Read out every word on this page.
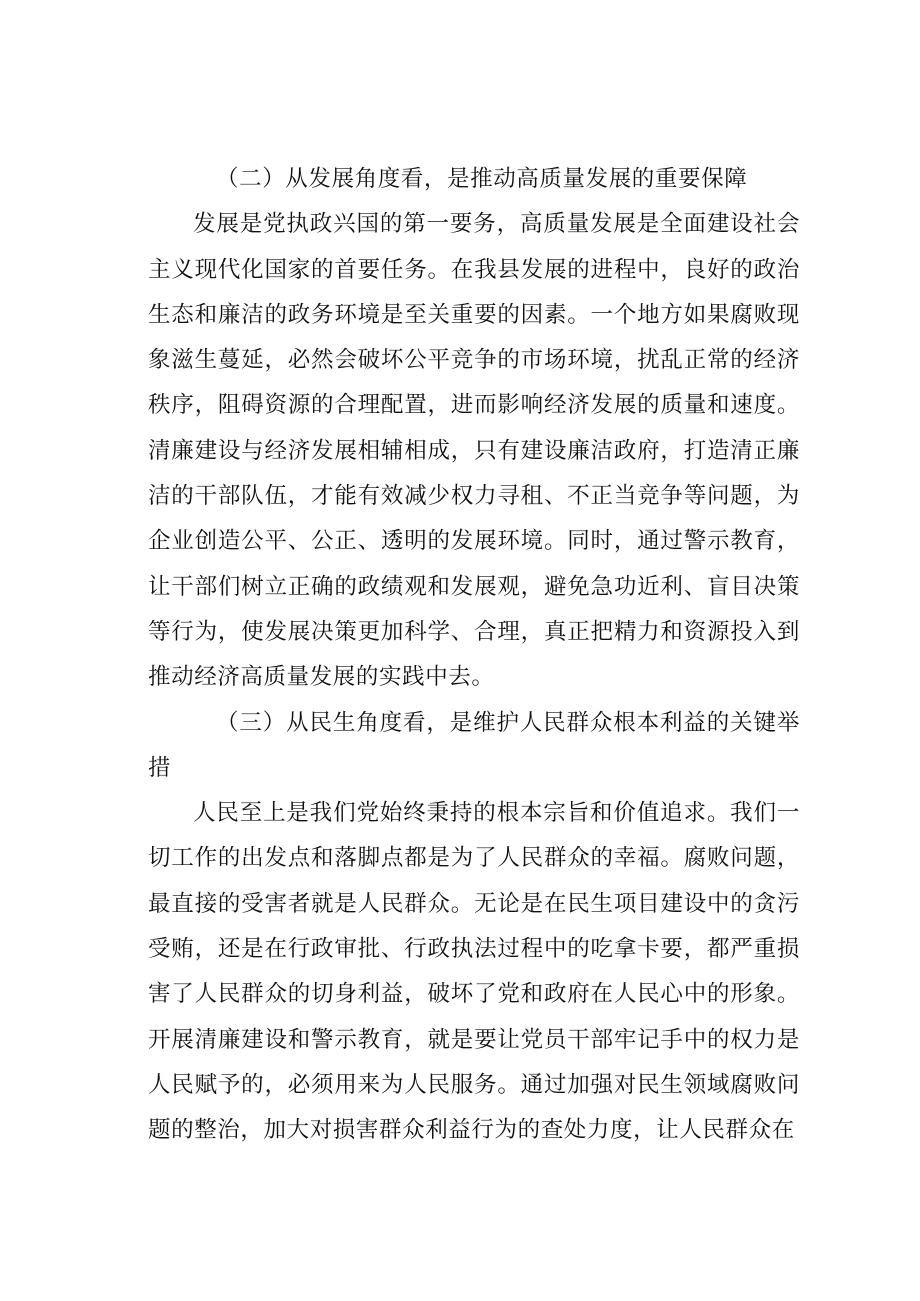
（二）从发展角度看，是推动高质量发展的重要保障

发展是党执政兴国的第一要务，高质量发展是全面建设社会主义现代化国家的首要任务。在我县发展的进程中，良好的政治生态和廉洁的政务环境是至关重要的因素。一个地方如果腐败现象滋生蔓延，必然会破坏公平竞争的市场环境，扰乱正常的经济秩序，阻碍资源的合理配置，进而影响经济发展的质量和速度。清廉建设与经济发展相辅相成，只有建设廉洁政府，打造清正廉洁的干部队伍，才能有效减少权力寻租、不正当竞争等问题，为企业创造公平、公正、透明的发展环境。同时，通过警示教育，让干部们树立正确的政绩观和发展观，避免急功近利、盲目决策等行为，使发展决策更加科学、合理，真正把精力和资源投入到推动经济高质量发展的实践中去。

（三）从民生角度看，是维护人民群众根本利益的关键举措

人民至上是我们党始终秉持的根本宗旨和价值追求。我们一切工作的出发点和落脚点都是为了人民群众的幸福。腐败问题，最直接的受害者就是人民群众。无论是在民生项目建设中的贪污受贿，还是在行政审批、行政执法过程中的吃拿卡要，都严重损害了人民群众的切身利益，破坏了党和政府在人民心中的形象。开展清廉建设和警示教育，就是要让党员干部牢记手中的权力是人民赋予的，必须用来为人民服务。通过加强对民生领域腐败问题的整治，加大对损害群众利益行为的查处力度，让人民群众在
